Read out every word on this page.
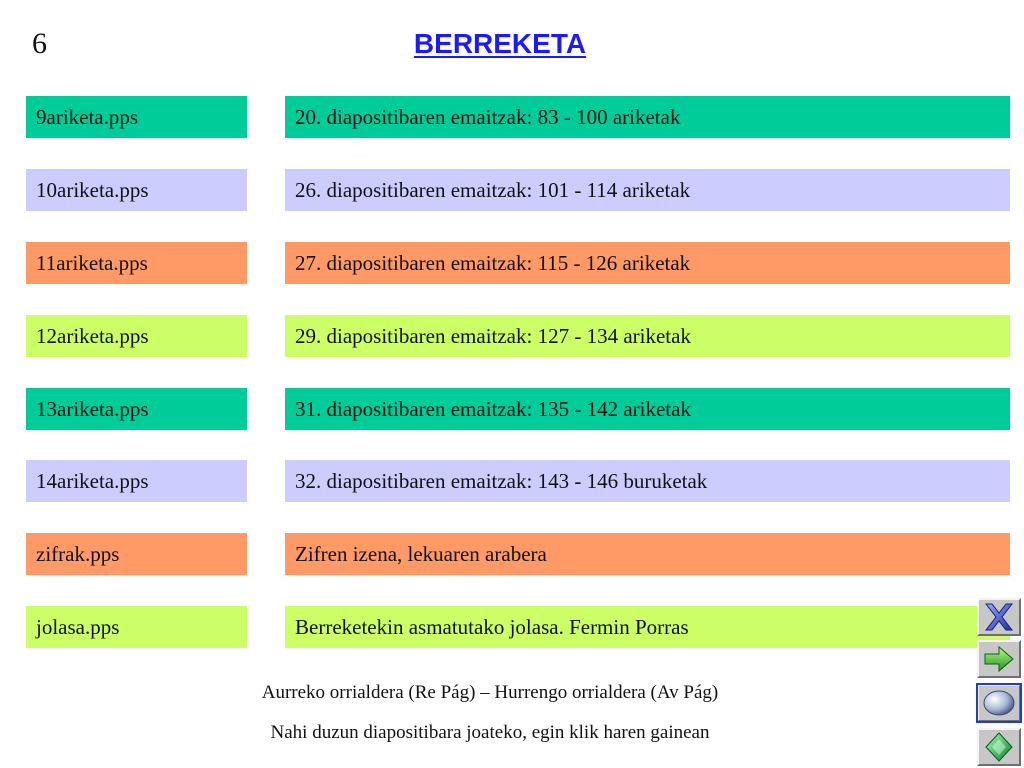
6	BERREKETA
9ariketa.pps	20. diapositibaren emaitzak: 83 - 100 ariketak
10ariketa.pps	26. diapositibaren emaitzak: 101 - 114 ariketak
11ariketa.pps	27. diapositibaren emaitzak: 115 - 126 ariketak
12ariketa.pps	29. diapositibaren emaitzak: 127 - 134 ariketak
13ariketa.pps	31. diapositibaren emaitzak: 135 - 142 ariketak
14ariketa.pps	32. diapositibaren emaitzak: 143 - 146 buruketak
zifrak.pps	Zifren izena, lekuaren arabera
jolasa.pps	Berreketekin asmatutako jolasa. Fermin Porras
Aurreko orrialdera (Re Pág) – Hurrengo orrialdera (Av Pág)
Nahi duzun diapositibara joateko, egin klik haren gainean
